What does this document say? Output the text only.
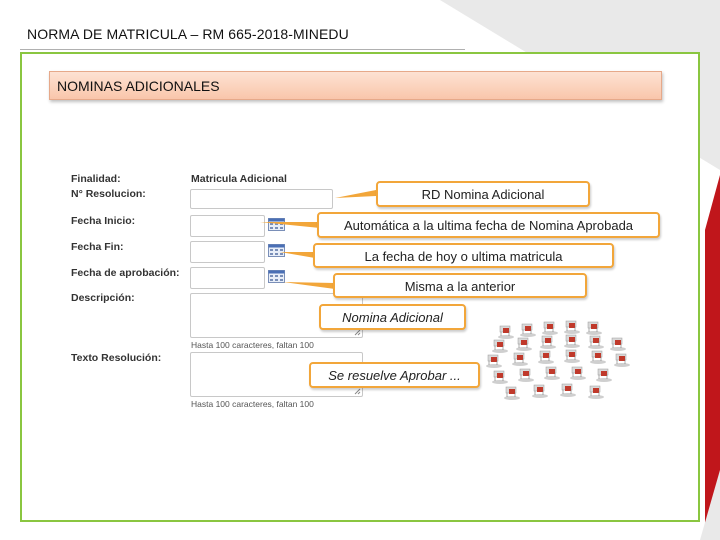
NORMA DE MATRICULA – RM 665-2018-MINEDU
NOMINAS ADICIONALES
Finalidad:	Matricula Adicional
N° Resolucion:
Fecha Inicio:
Fecha Fin:
Fecha de aprobación:
Descripción:
Hasta 100 caracteres, faltan 100
Texto Resolución:
Hasta 100 caracteres, faltan 100
RD Nomina Adicional
Automática a la ultima fecha de Nomina Aprobada
La fecha de hoy o ultima matricula
Misma a la anterior
Nomina Adicional
Se resuelve Aprobar ...
